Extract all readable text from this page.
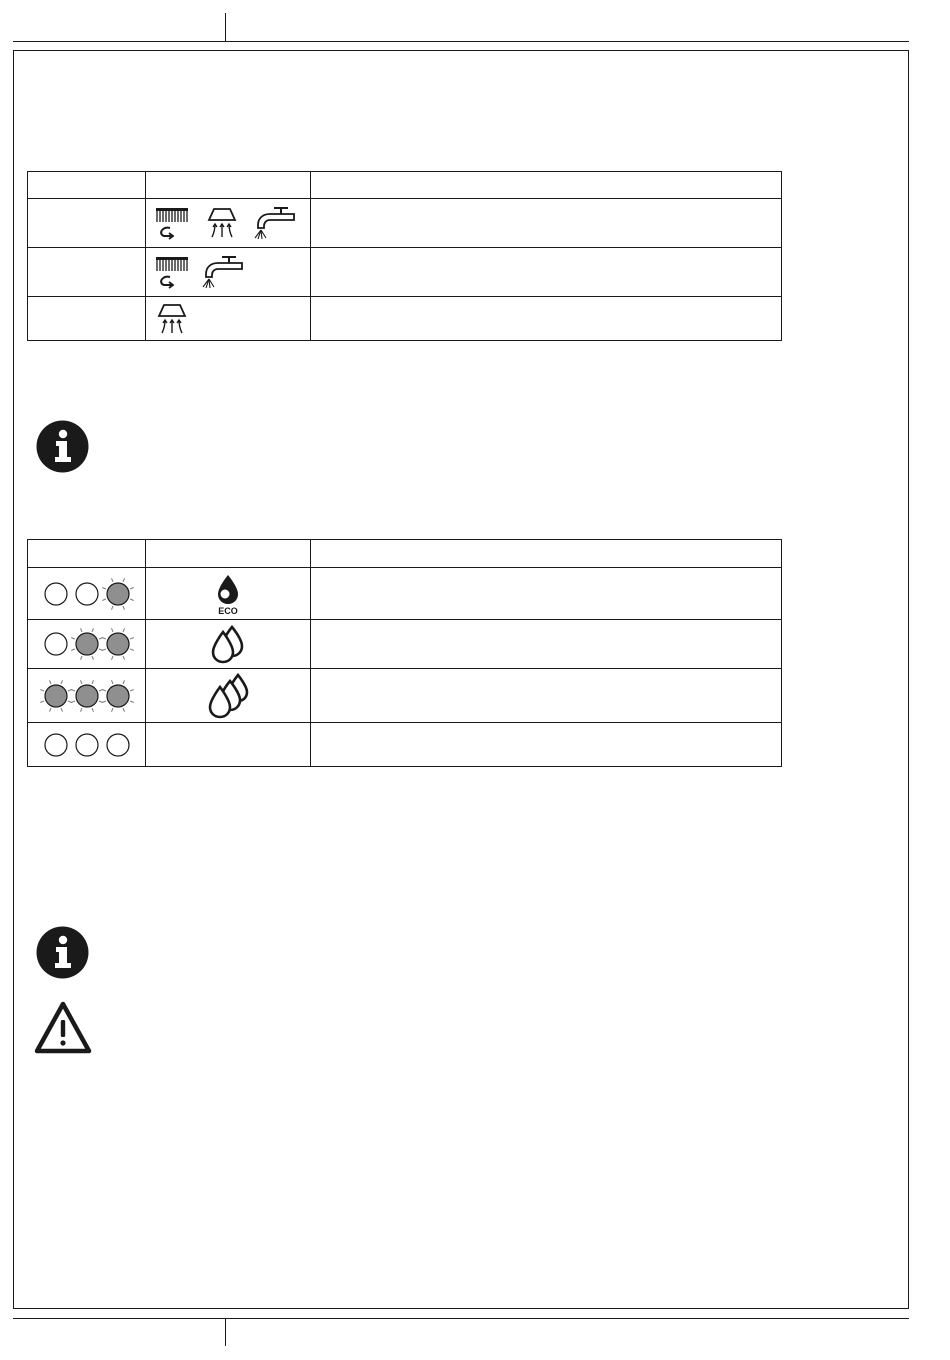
ECO	
